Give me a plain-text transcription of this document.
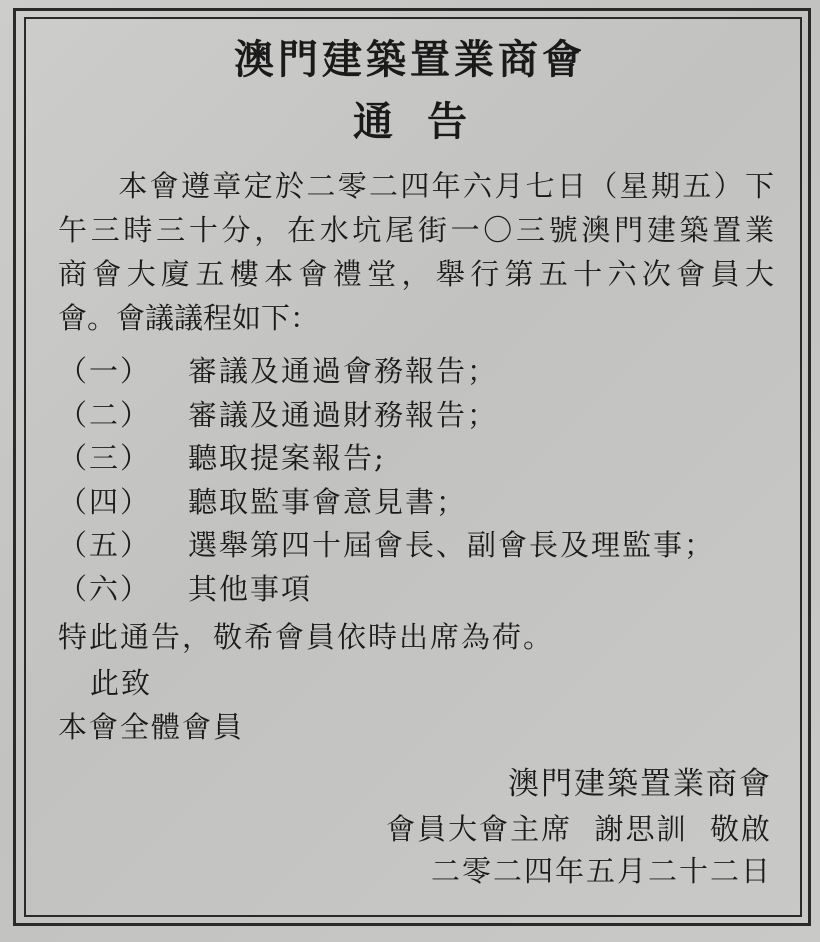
澳門建築置業商會
通告
本會遵章定於二零二四年六月七日（星期五）下
午三時三十分，在水坑尾街一〇三號澳門建築置業
商會大廈五樓本會禮堂，舉行第五十六次會員大
會。會議議程如下：
（一）	審議及通過會務報告；
（二）	審議及通過財務報告；
（三）	聽取提案報告;
（四）	聽取監事會意見書；
（五）	選舉第四十屆會長、副會長及理監事；
（六）	其他事項
特此通告，敬希會員依時出席為荷。
此致
本會全體會員
澳門建築置業商會
會員大會主席  謝思訓  敬啟
二零二四年五月二十二日
